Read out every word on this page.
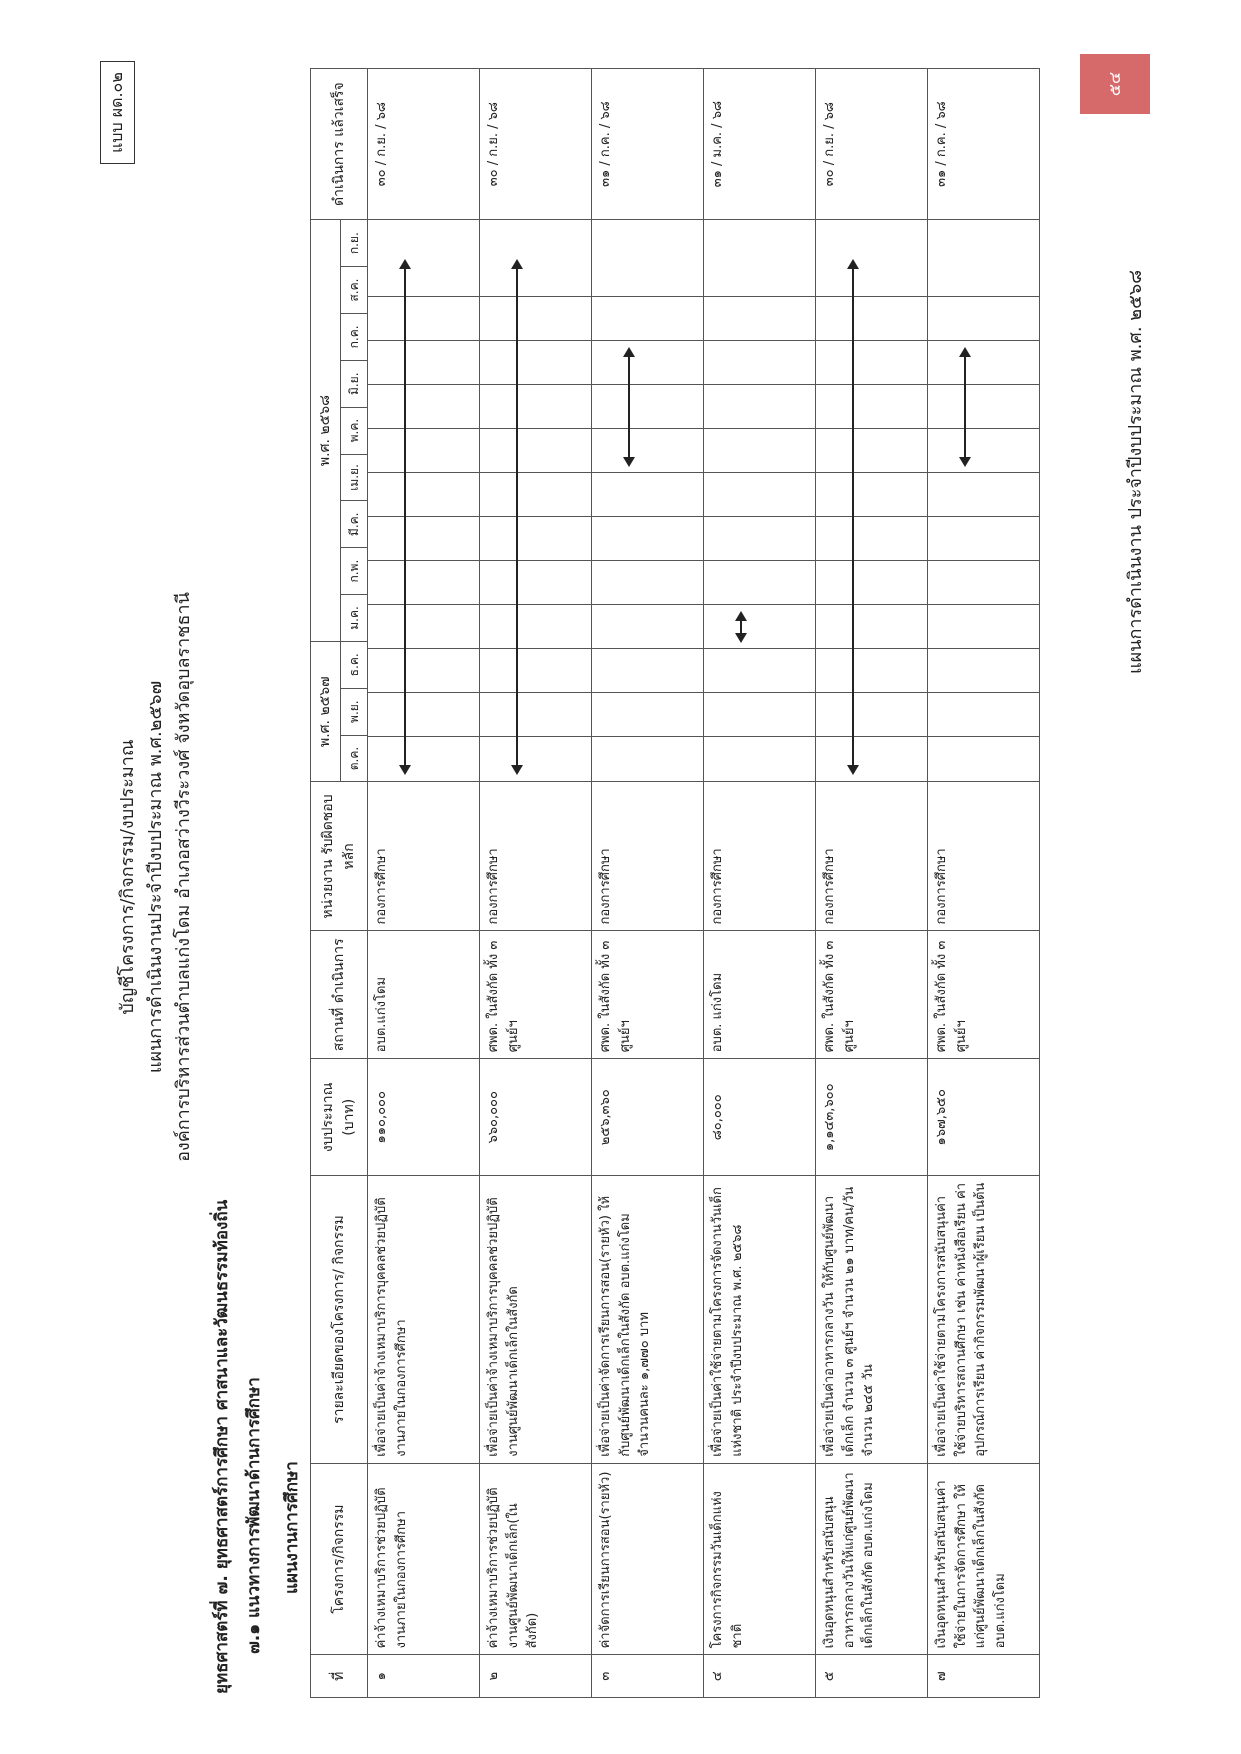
แบบ ผด.๐๒
บัญชีโครงการ/กิจกรรม/งบประมาณ แผนการดำเนินงานประจำปีงบประมาณ พ.ศ.๒๕๖๗ องค์การบริหารส่วนตำบลแก่งโดม อำเภอสว่างวีระวงศ์ จังหวัดอุบลราชธานี
ยุทธศาสตร์ที่ ๗. ยุทธศาสตร์การศึกษา ศาสนาและวัฒนธรรมท้องถิ่น ๗.๑ แนวทางการพัฒนาด้านการศึกษา แผนงานการศึกษา
ที่	โครงการ/กิจกรรม	รายละเอียดของโครงการ/ กิจกรรม	งบประมาณ (บาท)	สถานที่ ดำเนินการ	หน่วยงาน รับผิดชอบหลัก	พ.ศ. ๒๕๖๗			พ.ศ. ๒๕๖๘									ดำเนินการ แล้วเสร็จ
						ต.ค.	พ.ย.	ธ.ค.	ม.ค.	ก.พ.	มี.ค.	เม.ย.	พ.ค.	มิ.ย.	ก.ค.	ส.ค.	ก.ย.	
๑	ค่าจ้างเหมาบริการช่วยปฏิบัติงานภายในกองการศึกษา	เพื่อจ่ายเป็นค่าจ้างเหมาบริการบุคคลช่วยปฏิบัติงานภายในกองการศึกษา	๑๑๐,๐๐๐	อบต.แก่งโดม	กองการศึกษา													๓๐ / ก.ย. / ๖๘
๒	ค่าจ้างเหมาบริการช่วยปฏิบัติงานศูนย์พัฒนาเด็กเล็ก(ในสังกัด)	เพื่อจ่ายเป็นค่าจ้างเหมาบริการบุคคลช่วยปฏิบัติงานศูนย์พัฒนาเด็กเล็กในสังกัด	๖๖๐,๐๐๐	ศพด. ในสังกัด ทั้ง ๓ ศูนย์ฯ	กองการศึกษา													๓๐ / ก.ย. / ๖๘
๓	ค่าจัดการเรียนการสอน(รายหัว)	เพื่อจ่ายเป็นค่าจัดการเรียนการสอน(รายหัว) ให้กับศูนย์พัฒนาเด็กเล็กในสังกัด อบต.แก่งโดม จำนวนคนละ ๑,๗๗๐ บาท	๒๕๖,๓๖๐	ศพด. ในสังกัด ทั้ง ๓ ศูนย์ฯ	กองการศึกษา													๓๑ / ก.ค. / ๖๘
๔	โครงการกิจกรรมวันเด็กแห่งชาติ	เพื่อจ่ายเป็นค่าใช้จ่ายตามโครงการจัดงานวันเด็กแห่งชาติ ประจำปีงบประมาณ พ.ศ. ๒๕๖๘	๘๐,๐๐๐	อบต. แก่งโดม	กองการศึกษา													๓๑ / ม.ค. / ๖๘
๕	เงินอุดหนุนสำหรับสนับสนุนอาหารกลางวันให้แก่ศูนย์พัฒนาเด็กเล็กในสังกัด อบต.แก่งโดม	เพื่อจ่ายเป็นค่าอาหารกลางวัน ให้กับศูนย์พัฒนาเด็กเล็ก จำนวน ๓ ศูนย์ฯ จำนวน ๒๑ บาท/คน/วัน จำนวน ๒๔๕ วัน	๑,๑๔๓,๖๐๐	ศพด. ในสังกัด ทั้ง ๓ ศูนย์ฯ	กองการศึกษา													๓๐ / ก.ย. / ๖๘
๗	เงินอุดหนุนสำหรับสนับสนุนค่าใช้จ่ายในการจัดการศึกษา ให้แก่ศูนย์พัฒนาเด็กเล็กในสังกัด อบต.แก่งโดม	เพื่อจ่ายเป็นค่าใช้จ่ายตามโครงการสนับสนุนค่าใช้จ่ายบริหารสถานศึกษา เช่น ค่าหนังสือเรียน ค่าอุปกรณ์การเรียน ค่ากิจกรรมพัฒนาผู้เรียน เป็นต้น	๑๖๗,๖๕๐	ศพด. ในสังกัด ทั้ง ๓ ศูนย์ฯ	กองการศึกษา													๓๑ / ก.ค. / ๖๘
แผนการดำเนินงาน ประจำปีงบประมาณ พ.ศ. ๒๕๖๘
๕๔
